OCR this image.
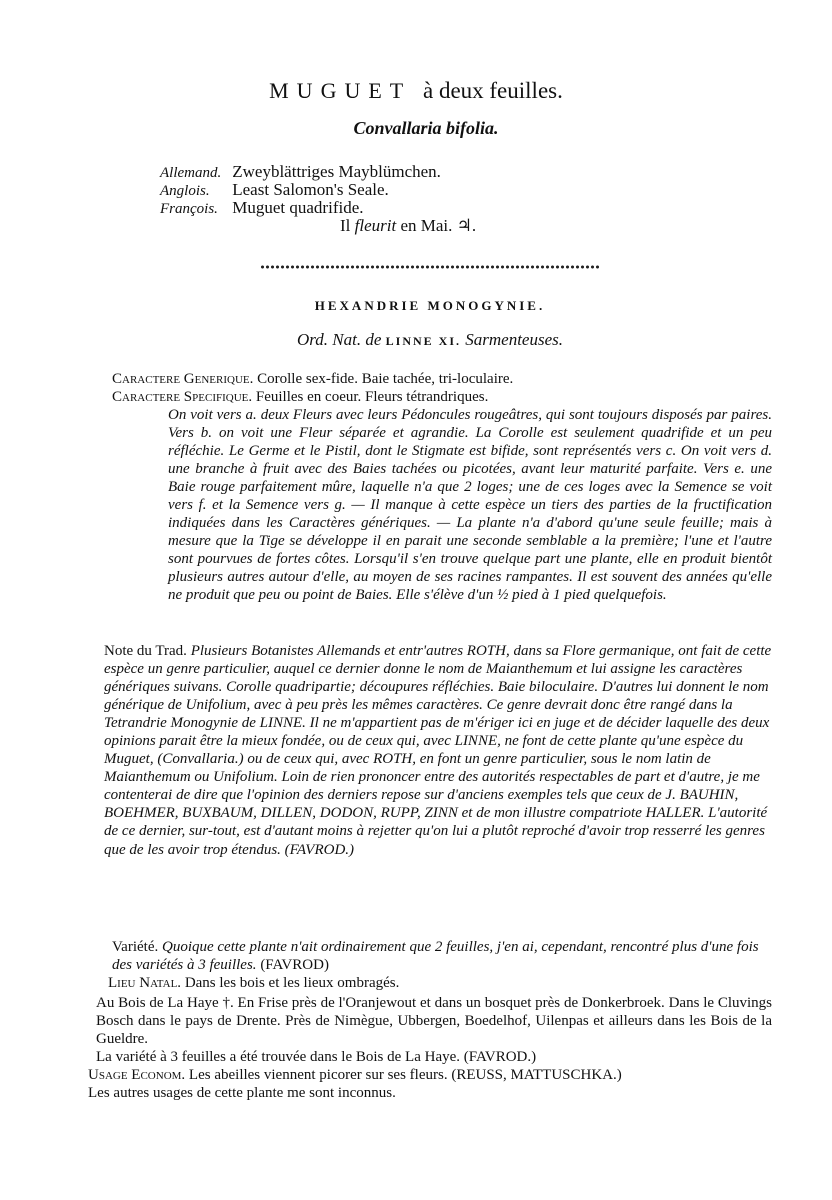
MUGUET à deux feuilles.
Convallaria bifolia.
Allemand. Zweyblättriges Mayblümchen.
Anglois. Least Salomon's Seale.
François. Muguet quadrifide.
Il fleurit en Mai. ♃.
HEXANDRIE MONOGYNIE.
Ord. Nat. de LINNE XI. Sarmenteuses.
Caractere Generique. Corolle sex-fide. Baie tachée, tri-loculaire.
Caractere Specifique. Feuilles en coeur. Fleurs tétrandriques.
On voit vers a. deux Fleurs avec leurs Pédoncules rougeâtres, qui sont toujours disposés par paires. Vers b. on voit une Fleur séparée et agrandie. La Corolle est seulement quadrifide et un peu réfléchie. Le Germe et le Pistil, dont le Stigmate est bifide, sont représentés vers c. On voit vers d. une branche à fruit avec des Baies tachées ou picotées, avant leur maturité parfaite. Vers e. une Baie rouge parfaitement mûre, laquelle n'a que 2 loges; une de ces loges avec la Semence se voit vers f. et la Semence vers g. — Il manque à cette espèce un tiers des parties de la fructification indiquées dans les Caractères génériques. — La plante n'a d'abord qu'une seule feuille; mais à mesure que la Tige se développe il en parait une seconde semblable a la première; l'une et l'autre sont pourvues de fortes côtes. Lorsqu'il s'en trouve quelque part une plante, elle en produit bientôt plusieurs autres autour d'elle, au moyen de ses racines rampantes. Il est souvent des années qu'elle ne produit que peu ou point de Baies. Elle s'élève d'un ½ pied à 1 pied quelquefois.
Note du Trad. Plusieurs Botanistes Allemands et entr'autres ROTH, dans sa Flore germanique, ont fait de cette espèce un genre particulier, auquel ce dernier donne le nom de Maianthemum et lui assigne les caractères génériques suivans. Corolle quadripartie; découpures réfléchies. Baie biloculaire. D'autres lui donnent le nom générique de Unifolium, avec à peu près les mêmes caractères. Ce genre devrait donc être rangé dans la Tetrandrie Monogynie de LINNE. Il ne m'appartient pas de m'ériger ici en juge et de décider laquelle des deux opinions parait être la mieux fondée, ou de ceux qui, avec LINNE, ne font de cette plante qu'une espèce du Muguet, (Convallaria.) ou de ceux qui, avec ROTH, en font un genre particulier, sous le nom latin de Maianthemum ou Unifolium. Loin de rien prononcer entre des autorités respectables de part et d'autre, je me contenterai de dire que l'opinion des derniers repose sur d'anciens exemples tels que ceux de J. BAUHIN, BOEHMER, BUXBAUM, DILLEN, DODON, RUPP, ZINN et de mon illustre compatriote HALLER. L'autorité de ce dernier, sur-tout, est d'autant moins à rejetter qu'on lui a plutôt reproché d'avoir trop resserré les genres que de les avoir trop étendus. (FAVROD.)
Variété. Quoique cette plante n'ait ordinairement que 2 feuilles, j'en ai, cependant, rencontré plus d'une fois des variétés à 3 feuilles. (FAVROD)
Lieu Natal. Dans les bois et les lieux ombragés.
Au Bois de La Haye †. En Frise près de l'Oranjewout et dans un bosquet près de Donkerbroek. Dans le Cluvings Bosch dans le pays de Drente. Près de Nimègue, Ubbergen, Boedelhof, Uilenpas et ailleurs dans les Bois de la Gueldre.
La variété à 3 feuilles a été trouvée dans le Bois de La Haye. (FAVROD.)
Usage Econom. Les abeilles viennent picorer sur ses fleurs. (REUSS, MATTUSCHKA.)
Les autres usages de cette plante me sont inconnus.
